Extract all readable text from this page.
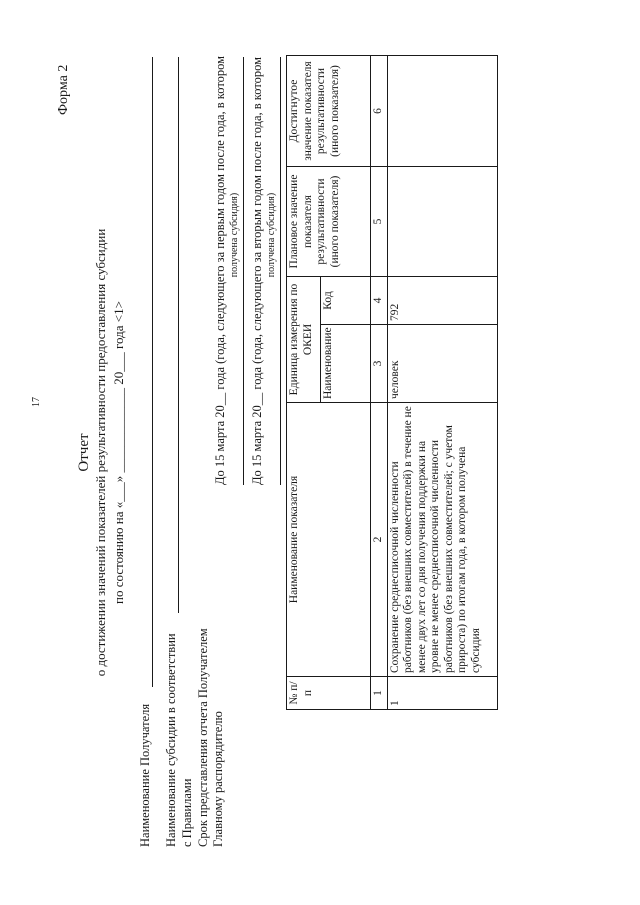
17
Форма 2
Отчет о достижении значений показателей результативности предоставления субсидии по состоянию на «___» _____________ 20___ года <1>
Наименование Получателя Наименование субсидии в соответствии с Правилами Срок представления отчета Получателем Главному распорядителю
До 15 марта 20__ года (года, следующего за первым годом после года, в котором получена субсидия) До 15 марта 20__ года (года, следующего за вторым годом после года, в котором получена субсидия)
№ п/п	Наименование показателя	Единица измерения по ОКЕИ		Плановое значение показателя результативности (иного показателя)	Достигнутое значение показателя результативности (иного показателя)
		Наименование	Код		
1	2	3	4	5	6
1	Сохранение среднесписочной численности работников (без внешних совместителей) в течение не менее двух лет со дня получения поддержки на уровне не менее среднесписочной численности работников (без внешних совместителей; с учетом прироста) по итогам года, в котором получена субсидия	человек	792		
